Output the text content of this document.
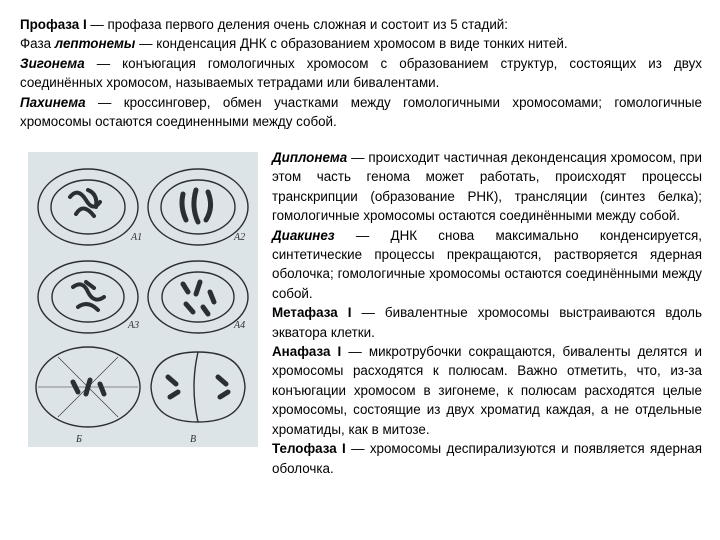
Профаза I — профаза первого деления очень сложная и состоит из 5 стадий:

Фаза лептонемы — конденсация ДНК с образованием хромосом в виде тонких нитей.

Зигонема — конъюгация гомологичных хромосом с образованием структур, состоящих из двух соединённых хромосом, называемых тетрадами или бивалентами.

Пахинема — кроссинговер, обмен участками между гомологичными хромосомами; гомологичные хромосомы остаются соединенными между собой.

А1	А2
А3	А4
Б	В

Диплонема — происходит частичная деконденсация хромосом, при этом часть генома может работать, происходят процессы транскрипции (образование РНК), трансляции (синтез белка); гомологичные хромосомы остаются соединёнными между собой.

Диакинез — ДНК снова максимально конденсируется, синтетические процессы прекращаются, растворяется ядерная оболочка; гомологичные хромосомы остаются соединёнными между собой.

Метафаза I — бивалентные хромосомы выстраиваются вдоль экватора клетки.

Анафаза I — микротрубочки сокращаются, биваленты делятся и хромосомы расходятся к полюсам. Важно отметить, что, из-за конъюгации хромосом в зигонеме, к полюсам расходятся целые хромосомы, состоящие из двух хроматид каждая, а не отдельные хроматиды, как в митозе.

Телофаза I — хромосомы деспирализуются и появляется ядерная оболочка.
